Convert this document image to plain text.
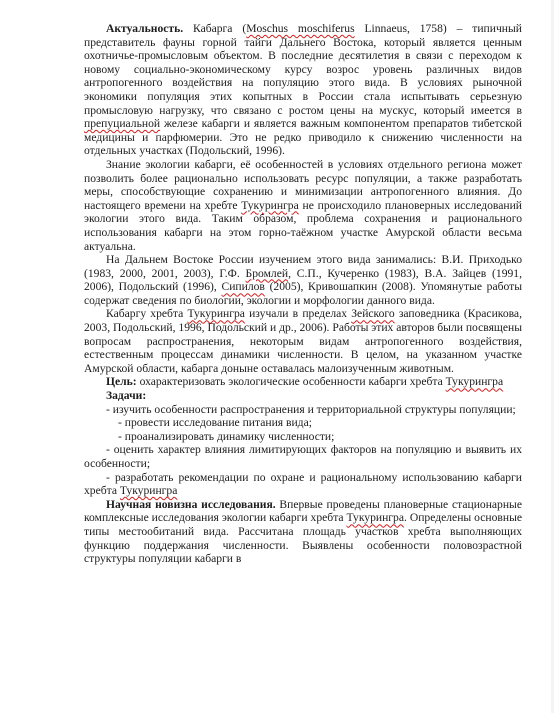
Актуальность. Кабарга (Moschus moschiferus Linnaeus, 1758) – типичный представитель фауны горной тайги Дальнего Востока, который является ценным охотничье-промысловым объектом. В последние десятилетия в связи с переходом к новому социально-экономическому курсу возрос уровень различных видов антропогенного воздействия на популяцию этого вида. В условиях рыночной экономики популяция этих копытных в России стала испытывать серьезную промысловую нагрузку, что связано с ростом цены на мускус, который имеется в препуциальной железе кабарги и является важным компонентом препаратов тибетской медицины и парфюмерии. Это не редко приводило к снижению численности на отдельных участках (Подольский, 1996).

Знание экологии кабарги, её особенностей в условиях отдельного региона может позволить более рационально использовать ресурс популяции, а также разработать меры, способствующие сохранению и минимизации антропогенного влияния. До настоящего времени на хребте Тукурингра не происходило плановерных исследований экологии этого вида. Таким образом, проблема сохранения и рационального использования кабарги на этом горно-таёжном участке Амурской области весьма актуальна.

На Дальнем Востоке России изучением этого вида занимались: В.И. Приходько (1983, 2000, 2001, 2003), Г.Ф. Бромлей, С.П., Кучеренко (1983), В.А. Зайцев (1991, 2006), Подольский (1996), Сипилов (2005), Кривошапкин (2008). Упомянутые работы содержат сведения по биологии, экологии и морфологии данного вида.

Кабаргу хребта Тукурингра изучали в пределах Зейского заповедника (Красикова, 2003, Подольский, 1996, Подольский и др., 2006). Работы этих авторов были посвящены вопросам распространения, некоторым видам антропогенного воздействия, естественным процессам динамики численности. В целом, на указанном участке Амурской области, кабарга доныне оставалась малоизученным животным.

Цель: охарактеризовать экологические особенности кабарги хребта Тукурингра

Задачи:

- изучить особенности распространения и территориальной структуры популяции;

- провести исследование питания вида;

- проанализировать динамику численности;

- оценить характер влияния лимитирующих факторов на популяцию и выявить их особенности;

- разработать рекомендации по охране и рациональному использованию кабарги хребта Тукурингра

Научная новизна исследования. Впервые проведены плановерные стационарные комплексные исследования экологии кабарги хребта Тукурингра. Определены основные типы местообитаний вида. Рассчитана площадь участков хребта выполняющих функцию поддержания численности. Выявлены особенности половозрастной структуры популяции кабарги в
